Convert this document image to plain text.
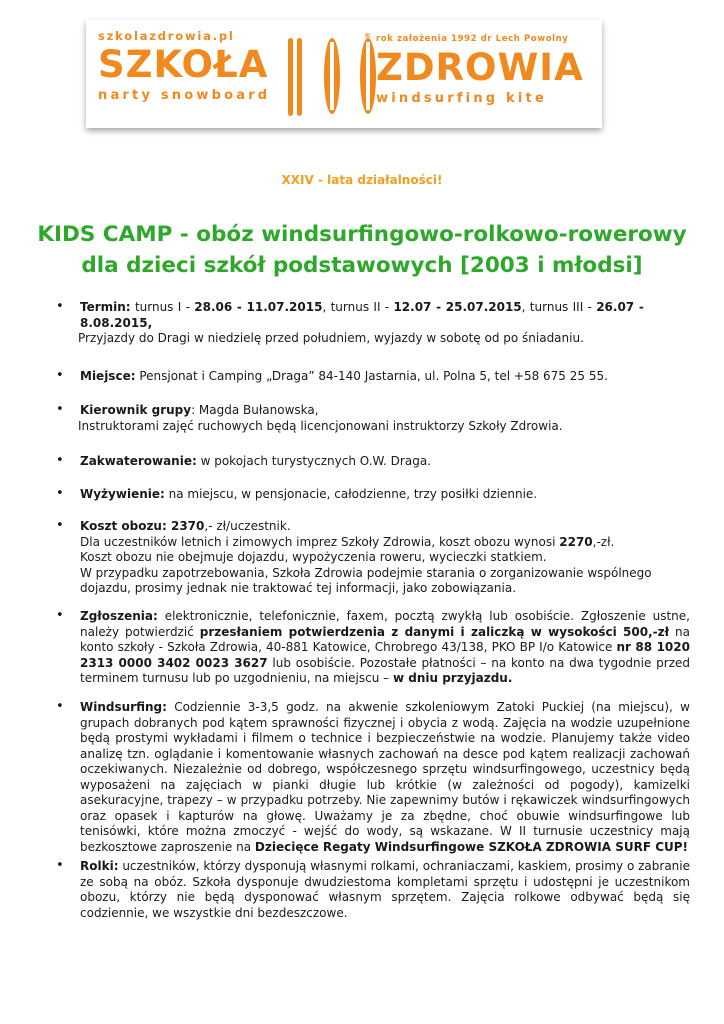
szkolazdrowia.pl
SZKOŁA
narty snowboard
® rok założenia 1992 dr Lech Powolny
ZDROWIA
windsurfing kite
XXIV - lata działalności!
KIDS CAMP - obóz windsurfingowo-rolkowo-rowerowy dla dzieci szkół podstawowych [2003 i młodsi]
• Termin: turnus I - 28.06 - 11.07.2015, turnus II - 12.07 - 25.07.2015, turnus III - 26.07 -
8.08.2015,
Przyjazdy do Dragi w niedzielę przed południem, wyjazdy w sobotę od po śniadaniu.
• Miejsce: Pensjonat i Camping „Draga” 84-140 Jastarnia, ul. Polna 5, tel +58 675 25 55.
• Kierownik grupy: Magda Bułanowska,
Instruktorami zajęć ruchowych będą licencjonowani instruktorzy Szkoły Zdrowia.
• Zakwaterowanie: w pokojach turystycznych O.W. Draga.
• Wyżywienie: na miejscu, w pensjonacie, całodzienne, trzy posiłki dziennie.
• Koszt obozu: 2370,- zł/uczestnik.
Dla uczestników letnich i zimowych imprez Szkoły Zdrowia, koszt obozu wynosi 2270,-zł.
Koszt obozu nie obejmuje dojazdu, wypożyczenia roweru, wycieczki statkiem.
W przypadku zapotrzebowania, Szkoła Zdrowia podejmie starania o zorganizowanie wspólnego dojazdu, prosimy jednak nie traktować tej informacji, jako zobowiązania.
• Zgłoszenia: elektronicznie, telefonicznie, faxem, pocztą zwykłą lub osobiście. Zgłoszenie ustne, należy potwierdzić przesłaniem potwierdzenia z danymi i zaliczką w wysokości 500,-zł na konto szkoły - Szkoła Zdrowia, 40-881 Katowice, Chrobrego 43/138, PKO BP I/o Katowice nr 88 1020 2313 0000 3402 0023 3627 lub osobiście. Pozostałe płatności – na konto na dwa tygodnie przed terminem turnusu lub po uzgodnieniu, na miejscu – w dniu przyjazdu.
• Windsurfing: Codziennie 3-3,5 godz. na akwenie szkoleniowym Zatoki Puckiej (na miejscu), w grupach dobranych pod kątem sprawności fizycznej i obycia z wodą. Zajęcia na wodzie uzupełnione będą prostymi wykładami i filmem o technice i bezpieczeństwie na wodzie. Planujemy także video analizę tzn. oglądanie i komentowanie własnych zachowań na desce pod kątem realizacji zachowań oczekiwanych. Niezależnie od dobrego, współczesnego sprzętu windsurfingowego, uczestnicy będą wyposażeni na zajęciach w pianki długie lub krótkie (w zależności od pogody), kamizelki asekuracyjne, trapezy – w przypadku potrzeby. Nie zapewnimy butów i rękawiczek windsurfingowych oraz opasek i kapturów na głowę. Uważamy je za zbędne, choć obuwie windsurfingowe lub tenisówki, które można zmoczyć - wejść do wody, są wskazane. W II turnusie uczestnicy mają bezkosztowe zaproszenie na Dziecięce Regaty Windsurfingowe SZKOŁA ZDROWIA SURF CUP!
• Rolki: uczestników, którzy dysponują własnymi rolkami, ochraniaczami, kaskiem, prosimy o zabranie ze sobą na obóz. Szkoła dysponuje dwudziestoma kompletami sprzętu i udostępni je uczestnikom obozu, którzy nie będą dysponować własnym sprzętem. Zajęcia rolkowe odbywać będą się codziennie, we wszystkie dni bezdeszczowe.
